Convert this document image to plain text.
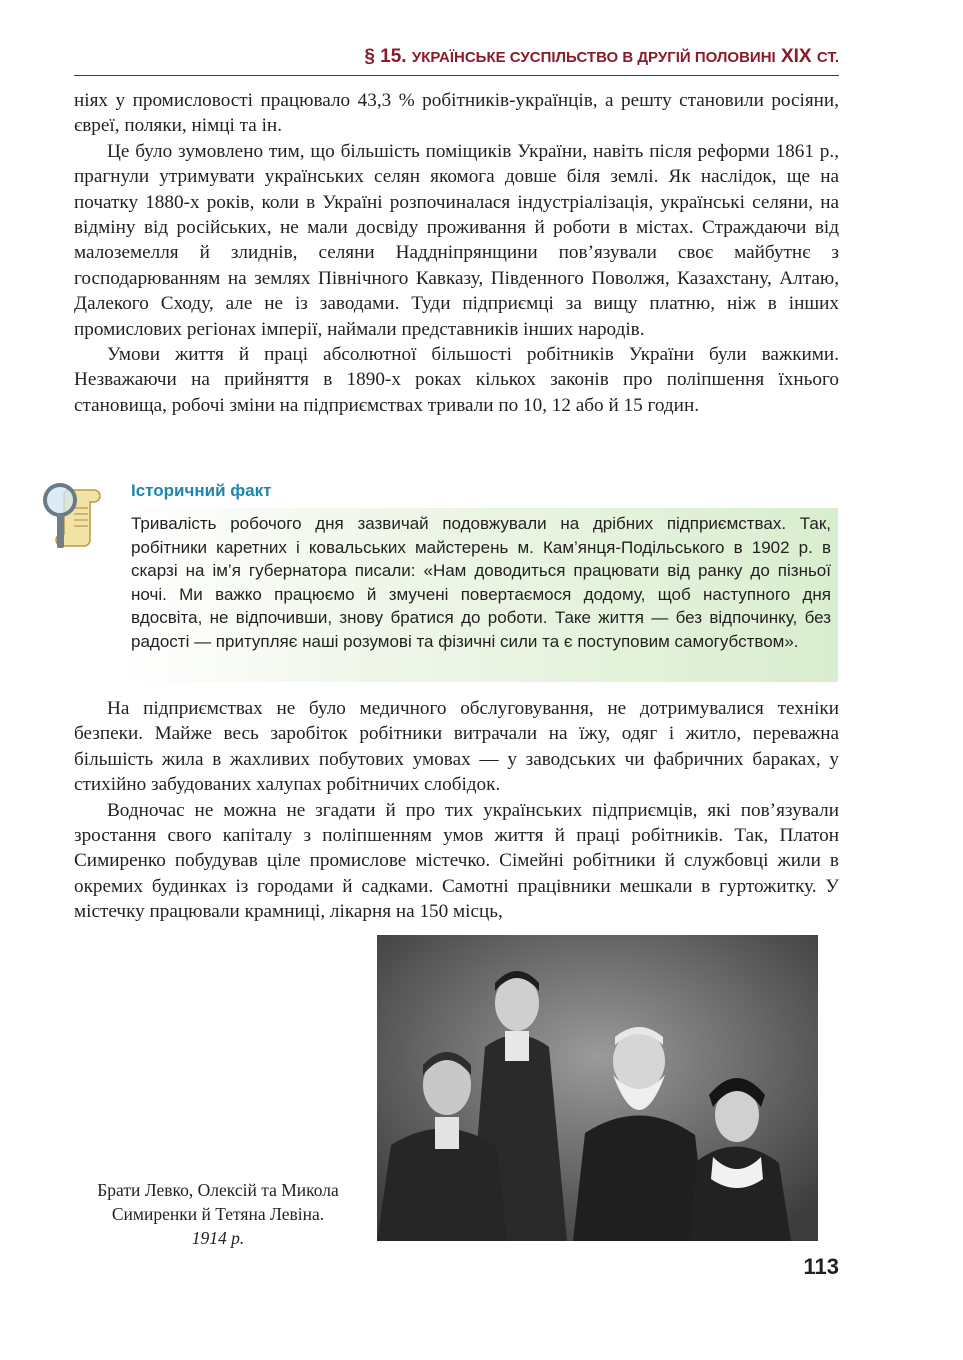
§ 15. УКРАЇНСЬКЕ СУСПІЛЬСТВО В ДРУГІЙ ПОЛОВИНІ XIX СТ.

ніях у промисловості працювало 43,3 % робітників-українців, а решту становили росіяни, євреї, поляки, німці та ін.

Це було зумовлено тим, що більшість поміщиків України, навіть після реформи 1861 р., прагнули утримувати українських селян якомога довше біля землі. Як наслідок, ще на початку 1880-х років, коли в Україні розпочиналася індустріалізація, українські селяни, на відміну від російських, не мали досвіду проживання й роботи в містах. Страждаючи від малоземелля й злиднів, селяни Наддніпрянщини пов’язували своє майбутнє з господарюванням на землях Північного Кавказу, Південного Поволжя, Казахстану, Алтаю, Далекого Сходу, але не із заводами. Туди підприємці за вищу платню, ніж в інших промислових регіонах імперії, наймали представників інших народів.

Умови життя й праці абсолютної більшості робітників України були важкими. Незважаючи на прийняття в 1890-х роках кількох законів про поліпшення їхнього становища, робочі зміни на підприємствах тривали по 10, 12 або й 15 годин.

Історичний факт
Тривалість робочого дня зазвичай подовжували на дрібних підприємствах. Так, робітники каретних і ковальських майстерень м. Кам’янця-Подільського в 1902 р. в скарзі на ім’я губернатора писали: «Нам доводиться працювати від ранку до пізньої ночі. Ми важко працюємо й змучені повертаємося додому, щоб наступного дня вдосвіта, не відпочивши, знову братися до роботи. Таке життя — без відпочинку, без радості — притупляє наші розумові та фізичні сили та є поступовим самогубством».

На підприємствах не було медичного обслуговування, не дотримувалися техніки безпеки. Майже весь заробіток робітники витрачали на їжу, одяг і житло, переважна більшість жила в жахливих побутових умовах — у заводських чи фабричних бараках, у стихійно забудованих халупах робітничих слобідок.

Водночас не можна не згадати й про тих українських підприємців, які пов’язували зростання свого капіталу з поліпшенням умов життя й праці робітників. Так, Платон Симиренко побудував ціле промислове містечко. Сімейні робітники й службовці жили в окремих будинках із городами й садками. Самотні працівники мешкали в гуртожитку. У містечку працювали крамниці, лікарня на 150 місць,

Брати Левко, Олексій та Микола
Симиренки й Тетяна Левіна.
1914 р.
113
